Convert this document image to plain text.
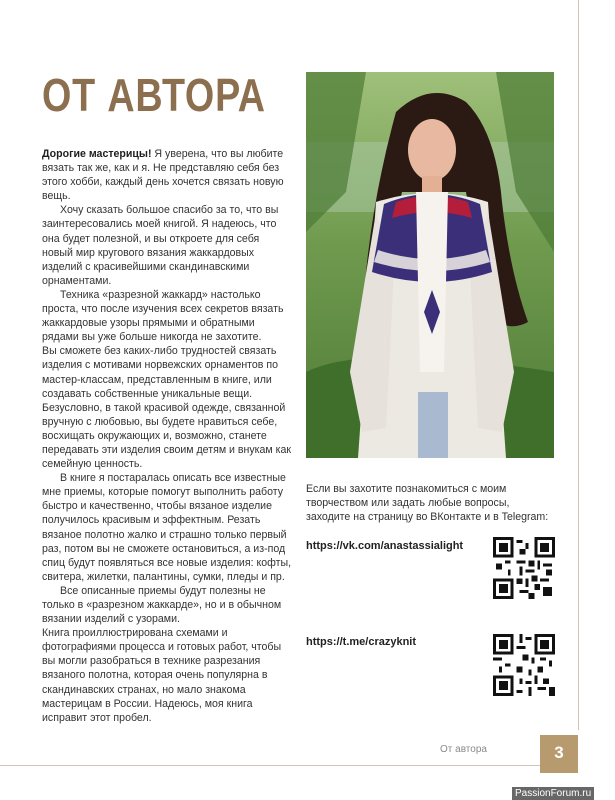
ОТ АВТОРА

Дорогие мастерицы! Я уверена, что вы любите вязать так же, как и я. Не представляю себя без этого хобби, каждый день хочется связать новую вещь.

Хочу сказать большое спасибо за то, что вы заинтересовались моей книгой. Я надеюсь, что она будет полезной, и вы откроете для себя новый мир кругового вязания жаккардовых изделий с красивейшими скандинавскими орнаментами.

Техника «разрезной жаккард» настолько проста, что после изучения всех секретов вязать жаккардовые узоры прямыми и обратными рядами вы уже больше никогда не захотите.

Вы сможете без каких-либо трудностей связать изделия с мотивами норвежских орнаментов по мастер-классам, представленным в книге, или создавать собственные уникальные вещи. Безусловно, в такой красивой одежде, связанной вручную с любовью, вы будете нравиться себе, восхищать окружающих и, возможно, станете передавать эти изделия своим детям и внукам как семейную ценность.

В книге я постаралась описать все известные мне приемы, которые помогут выполнить работу быстро и качественно, чтобы вязаное изделие получилось красивым и эффектным. Резать вязаное полотно жалко и страшно только первый раз, потом вы не сможете остановиться, а из-под спиц будут появляться все новые изделия: кофты, свитера, жилетки, палантины, сумки, пледы и пр.

Все описанные приемы будут полезны не только в «разрезном жаккарде», но и в обычном вязании изделий с узорами.

Книга проиллюстрирована схемами и фотографиями процесса и готовых работ, чтобы вы могли разобраться в технике разрезания вязаного полотна, которая очень популярна в скандинавских странах, но мало знакома мастерицам в России. Надеюсь, моя книга исправит этот пробел.

Если вы захотите познакомиться с моим творчеством или задать любые вопросы, заходите на страницу во ВКонтакте и в Telegram:

https://vk.com/anastassialight
https://t.me/crazyknit
От автора	3
PassionForum.ru
